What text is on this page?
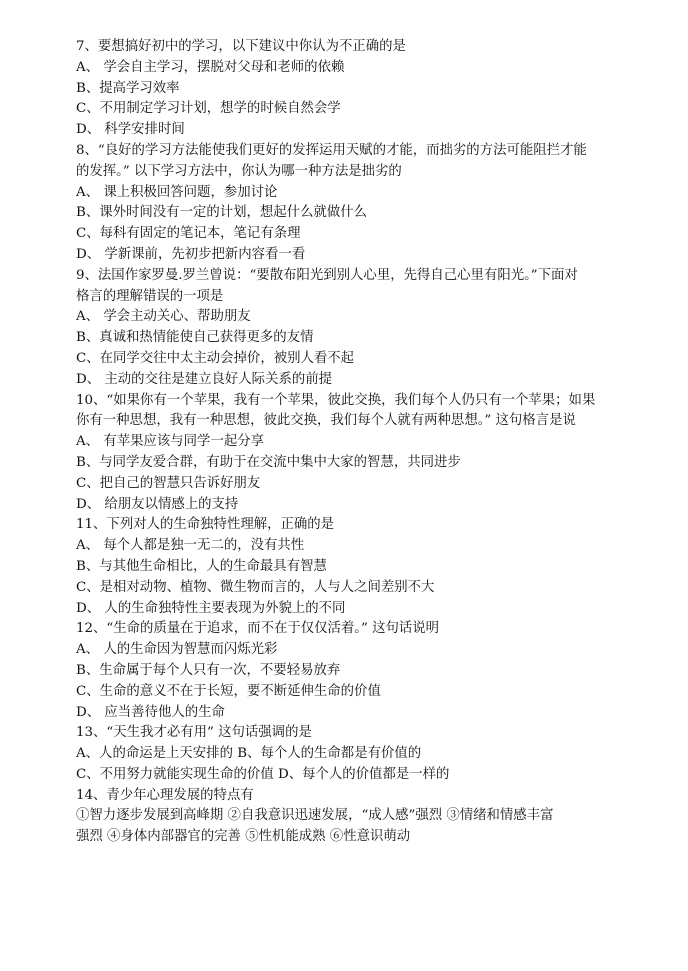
7、要想搞好初中的学习，以下建议中你认为不正确的是
A、 学会自主学习，摆脱对父母和老师的依赖
B、提高学习效率
C、不用制定学习计划，想学的时候自然会学
D、 科学安排时间
8、“良好的学习方法能使我们更好的发挥运用天赋的才能，而拙劣的方法可能阻拦才能
的发挥。” 以下学习方法中，你认为哪一种方法是拙劣的
A、 课上积极回答问题，参加讨论
B、课外时间没有一定的计划，想起什么就做什么
C、每科有固定的笔记本，笔记有条理
D、 学新课前，先初步把新内容看一看
9、法国作家罗曼.罗兰曾说：“要散布阳光到别人心里，先得自己心里有阳光。”下面对
格言的理解错误的一项是
A、 学会主动关心、帮助朋友
B、真诚和热情能使自己获得更多的友情
C、在同学交往中太主动会掉价，被别人看不起
D、 主动的交往是建立良好人际关系的前提
10、“如果你有一个苹果，我有一个苹果，彼此交换，我们每个人仍只有一个苹果；如果
你有一种思想，我有一种思想，彼此交换，我们每个人就有两种思想。” 这句格言是说
A、 有苹果应该与同学一起分享
B、与同学友爱合群，有助于在交流中集中大家的智慧，共同进步
C、把自己的智慧只告诉好朋友
D、 给朋友以情感上的支持
11、下列对人的生命独特性理解，正确的是
A、 每个人都是独一无二的，没有共性
B、与其他生命相比，人的生命最具有智慧
C、是相对动物、植物、微生物而言的，人与人之间差别不大
D、 人的生命独特性主要表现为外貌上的不同
12、“生命的质量在于追求，而不在于仅仅活着。” 这句话说明
A、 人的生命因为智慧而闪烁光彩
B、生命属于每个人只有一次，不要轻易放弃
C、生命的意义不在于长短，要不断延伸生命的价值
D、 应当善待他人的生命
13、“天生我才必有用” 这句话强调的是
A、人的命运是上天安排的 B、每个人的生命都是有价值的
C、不用努力就能实现生命的价值 D、每个人的价值都是一样的
14、青少年心理发展的特点有
①智力逐步发展到高峰期 ②自我意识迅速发展，“成人感”强烈 ③情绪和情感丰富
强烈 ④身体内部器官的完善 ⑤性机能成熟 ⑥性意识萌动
